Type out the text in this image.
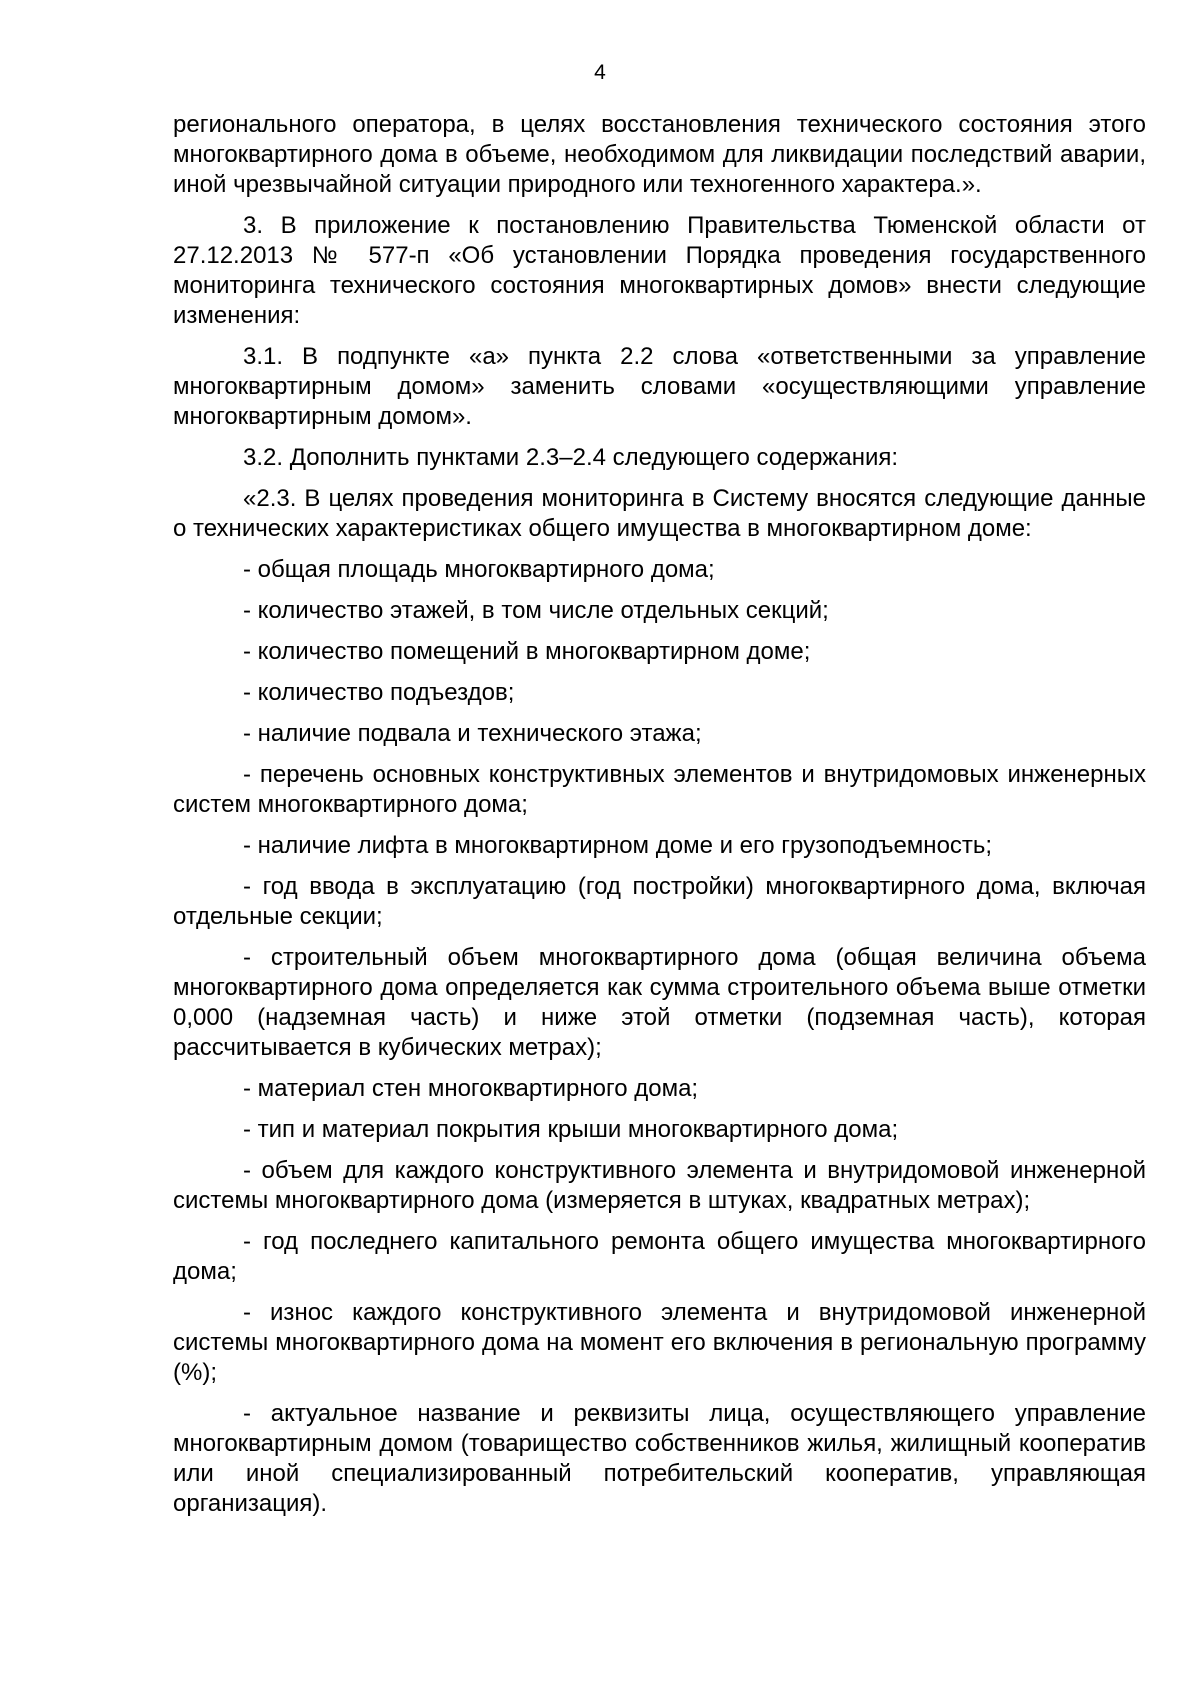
4

регионального оператора, в целях восстановления технического состояния этого многоквартирного дома в объеме, необходимом для ликвидации последствий аварии, иной чрезвычайной ситуации природного или техногенного характера.».

3. В приложение к постановлению Правительства Тюменской области от 27.12.2013 № 577-п «Об установлении Порядка проведения государственного мониторинга технического состояния многоквартирных домов» внести следующие изменения:

3.1. В подпункте «а» пункта 2.2 слова «ответственными за управление многоквартирным домом» заменить словами «осуществляющими управление многоквартирным домом».

3.2. Дополнить пунктами 2.3–2.4 следующего содержания:

«2.3. В целях проведения мониторинга в Систему вносятся следующие данные о технических характеристиках общего имущества в многоквартирном доме:

- общая площадь многоквартирного дома;

- количество этажей, в том числе отдельных секций;

- количество помещений в многоквартирном доме;

- количество подъездов;

- наличие подвала и технического этажа;

- перечень основных конструктивных элементов и внутридомовых инженерных систем многоквартирного дома;

- наличие лифта в многоквартирном доме и его грузоподъемность;

- год ввода в эксплуатацию (год постройки) многоквартирного дома, включая отдельные секции;

- строительный объем многоквартирного дома (общая величина объема многоквартирного дома определяется как сумма строительного объема выше отметки 0,000 (надземная часть) и ниже этой отметки (подземная часть), которая рассчитывается в кубических метрах);

- материал стен многоквартирного дома;

- тип и материал покрытия крыши многоквартирного дома;

- объем для каждого конструктивного элемента и внутридомовой инженерной системы многоквартирного дома (измеряется в штуках, квадратных метрах);

- год последнего капитального ремонта общего имущества многоквартирного дома;

- износ каждого конструктивного элемента и внутридомовой инженерной системы многоквартирного дома на момент его включения в региональную программу (%);

- актуальное название и реквизиты лица, осуществляющего управление многоквартирным домом (товарищество собственников жилья, жилищный кооператив или иной специализированный потребительский кооператив, управляющая организация).
